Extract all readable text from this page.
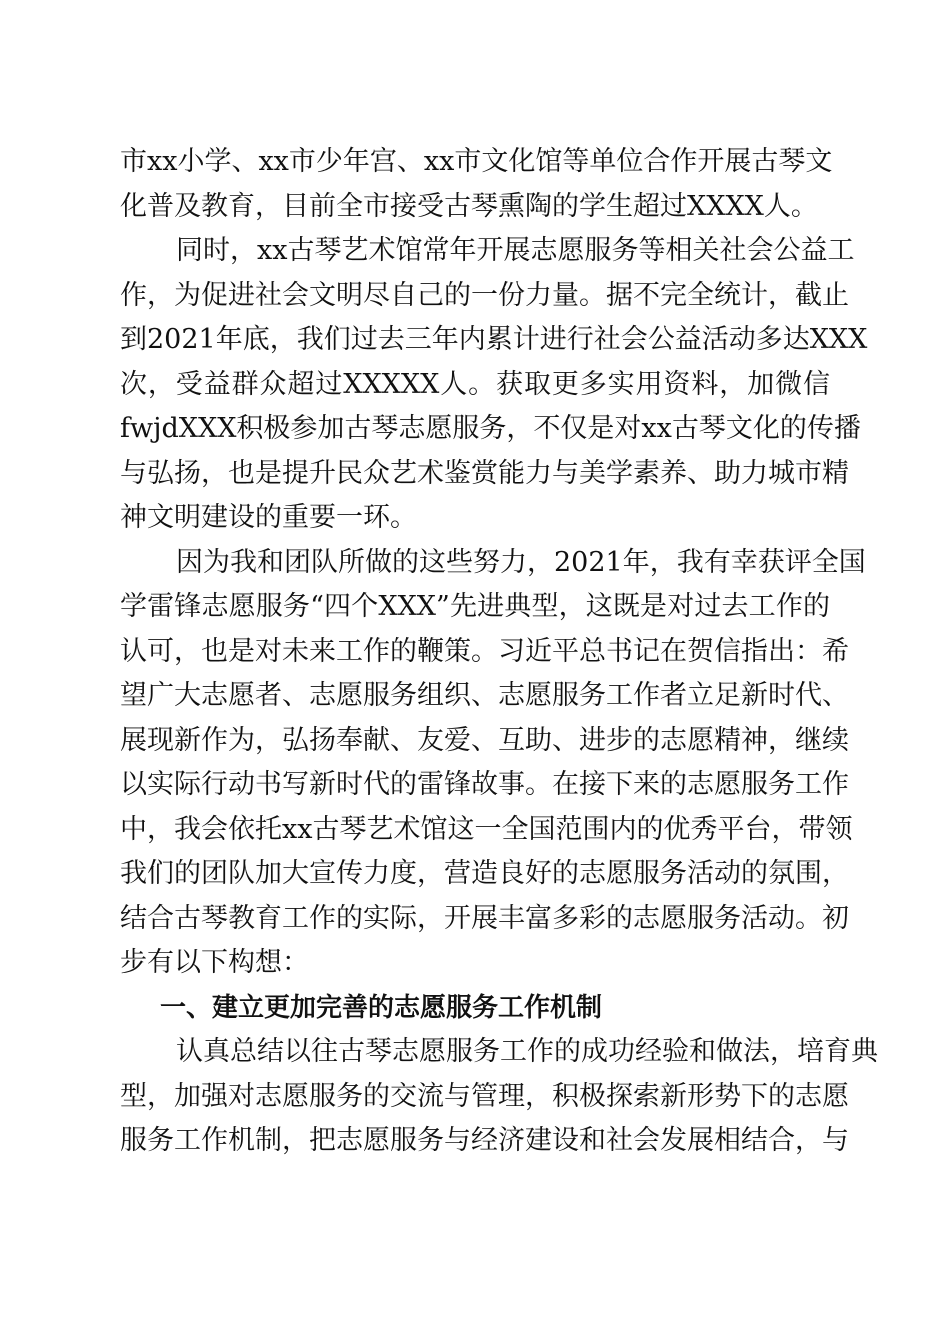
市xx小学、xx市少年宫、xx市文化馆等单位合作开展古琴文
化普及教育，目前全市接受古琴熏陶的学生超过XXXX人。
同时，xx古琴艺术馆常年开展志愿服务等相关社会公益工
作，为促进社会文明尽自己的一份力量。据不完全统计，截止
到2021年底，我们过去三年内累计进行社会公益活动多达XXX
次，受益群众超过XXXXX人。获取更多实用资料，加微信
fwjdXXX积极参加古琴志愿服务，不仅是对xx古琴文化的传播
与弘扬，也是提升民众艺术鉴赏能力与美学素养、助力城市精
神文明建设的重要一环。
因为我和团队所做的这些努力，2021年，我有幸获评全国
学雷锋志愿服务“四个XXX”先进典型，这既是对过去工作的
认可，也是对未来工作的鞭策。习近平总书记在贺信指出：希
望广大志愿者、志愿服务组织、志愿服务工作者立足新时代、
展现新作为，弘扬奉献、友爱、互助、进步的志愿精神，继续
以实际行动书写新时代的雷锋故事。在接下来的志愿服务工作
中，我会依托xx古琴艺术馆这一全国范围内的优秀平台，带领
我们的团队加大宣传力度，营造良好的志愿服务活动的氛围，
结合古琴教育工作的实际，开展丰富多彩的志愿服务活动。初
步有以下构想：
一、建立更加完善的志愿服务工作机制
认真总结以往古琴志愿服务工作的成功经验和做法，培育典
型，加强对志愿服务的交流与管理，积极探索新形势下的志愿
服务工作机制，把志愿服务与经济建设和社会发展相结合，与
